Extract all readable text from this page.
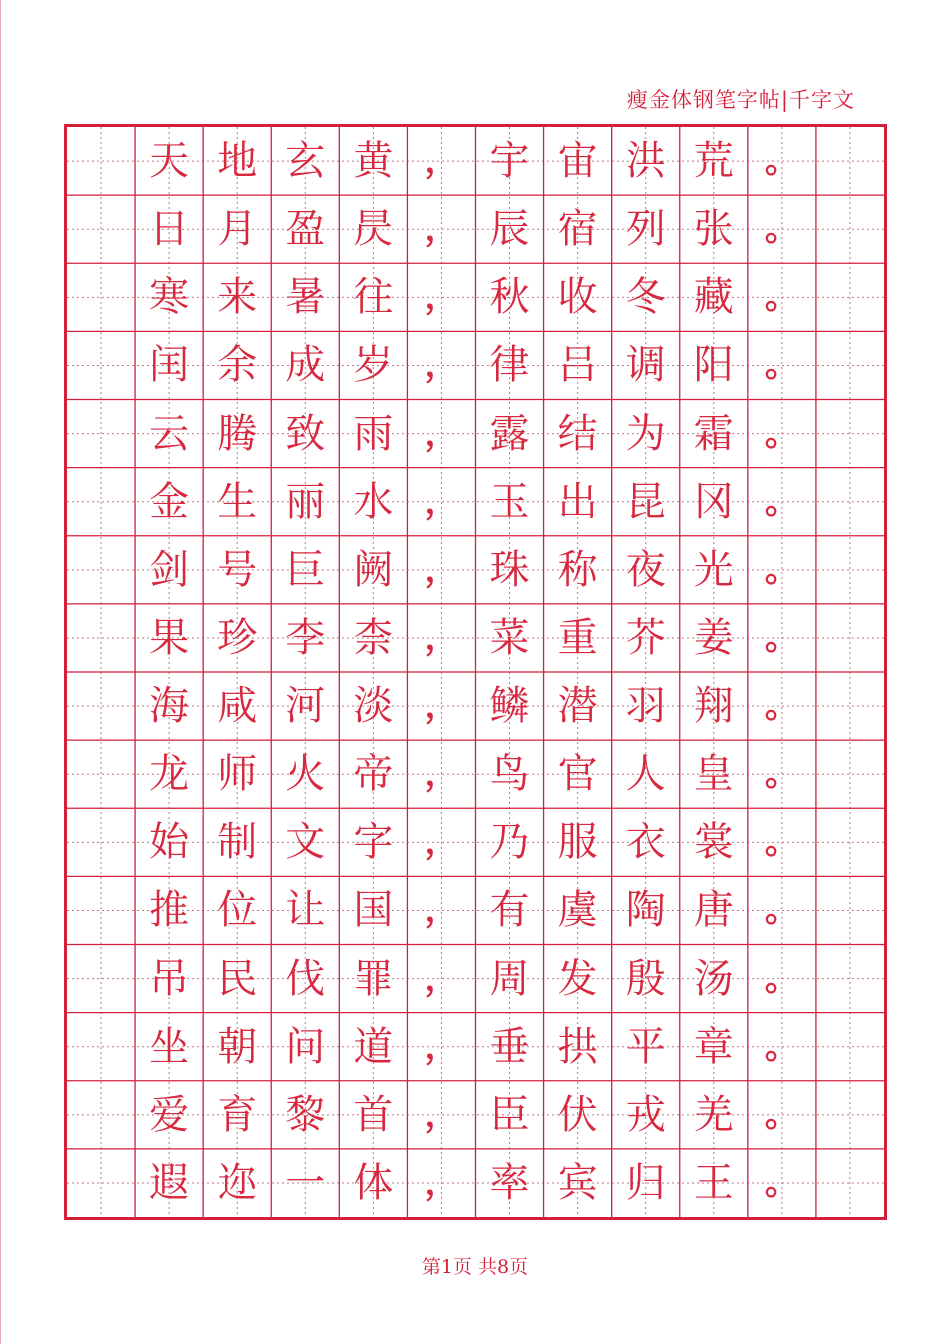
瘦金体钢笔字帖|千字文
天 地 玄 黄 ， 宇 宙 洪 荒 。
日 月 盈 昃 ， 辰 宿 列 张 。
寒 来 暑 往 ， 秋 收 冬 藏 。
闰 余 成 岁 ， 律 吕 调 阳 。
云 腾 致 雨 ， 露 结 为 霜 。
金 生 丽 水 ， 玉 出 昆 冈 。
剑 号 巨 阙 ， 珠 称 夜 光 。
果 珍 李 柰 ， 菜 重 芥 姜 。
海 咸 河 淡 ， 鳞 潜 羽 翔 。
龙 师 火 帝 ， 鸟 官 人 皇 。
始 制 文 字 ， 乃 服 衣 裳 。
推 位 让 国 ， 有 虞 陶 唐 。
吊 民 伐 罪 ， 周 发 殷 汤 。
坐 朝 问 道 ， 垂 拱 平 章 。
爱 育 黎 首 ， 臣 伏 戎 羌 。
遐 迩 一 体 ， 率 宾 归 王 。
第1页 共8页
